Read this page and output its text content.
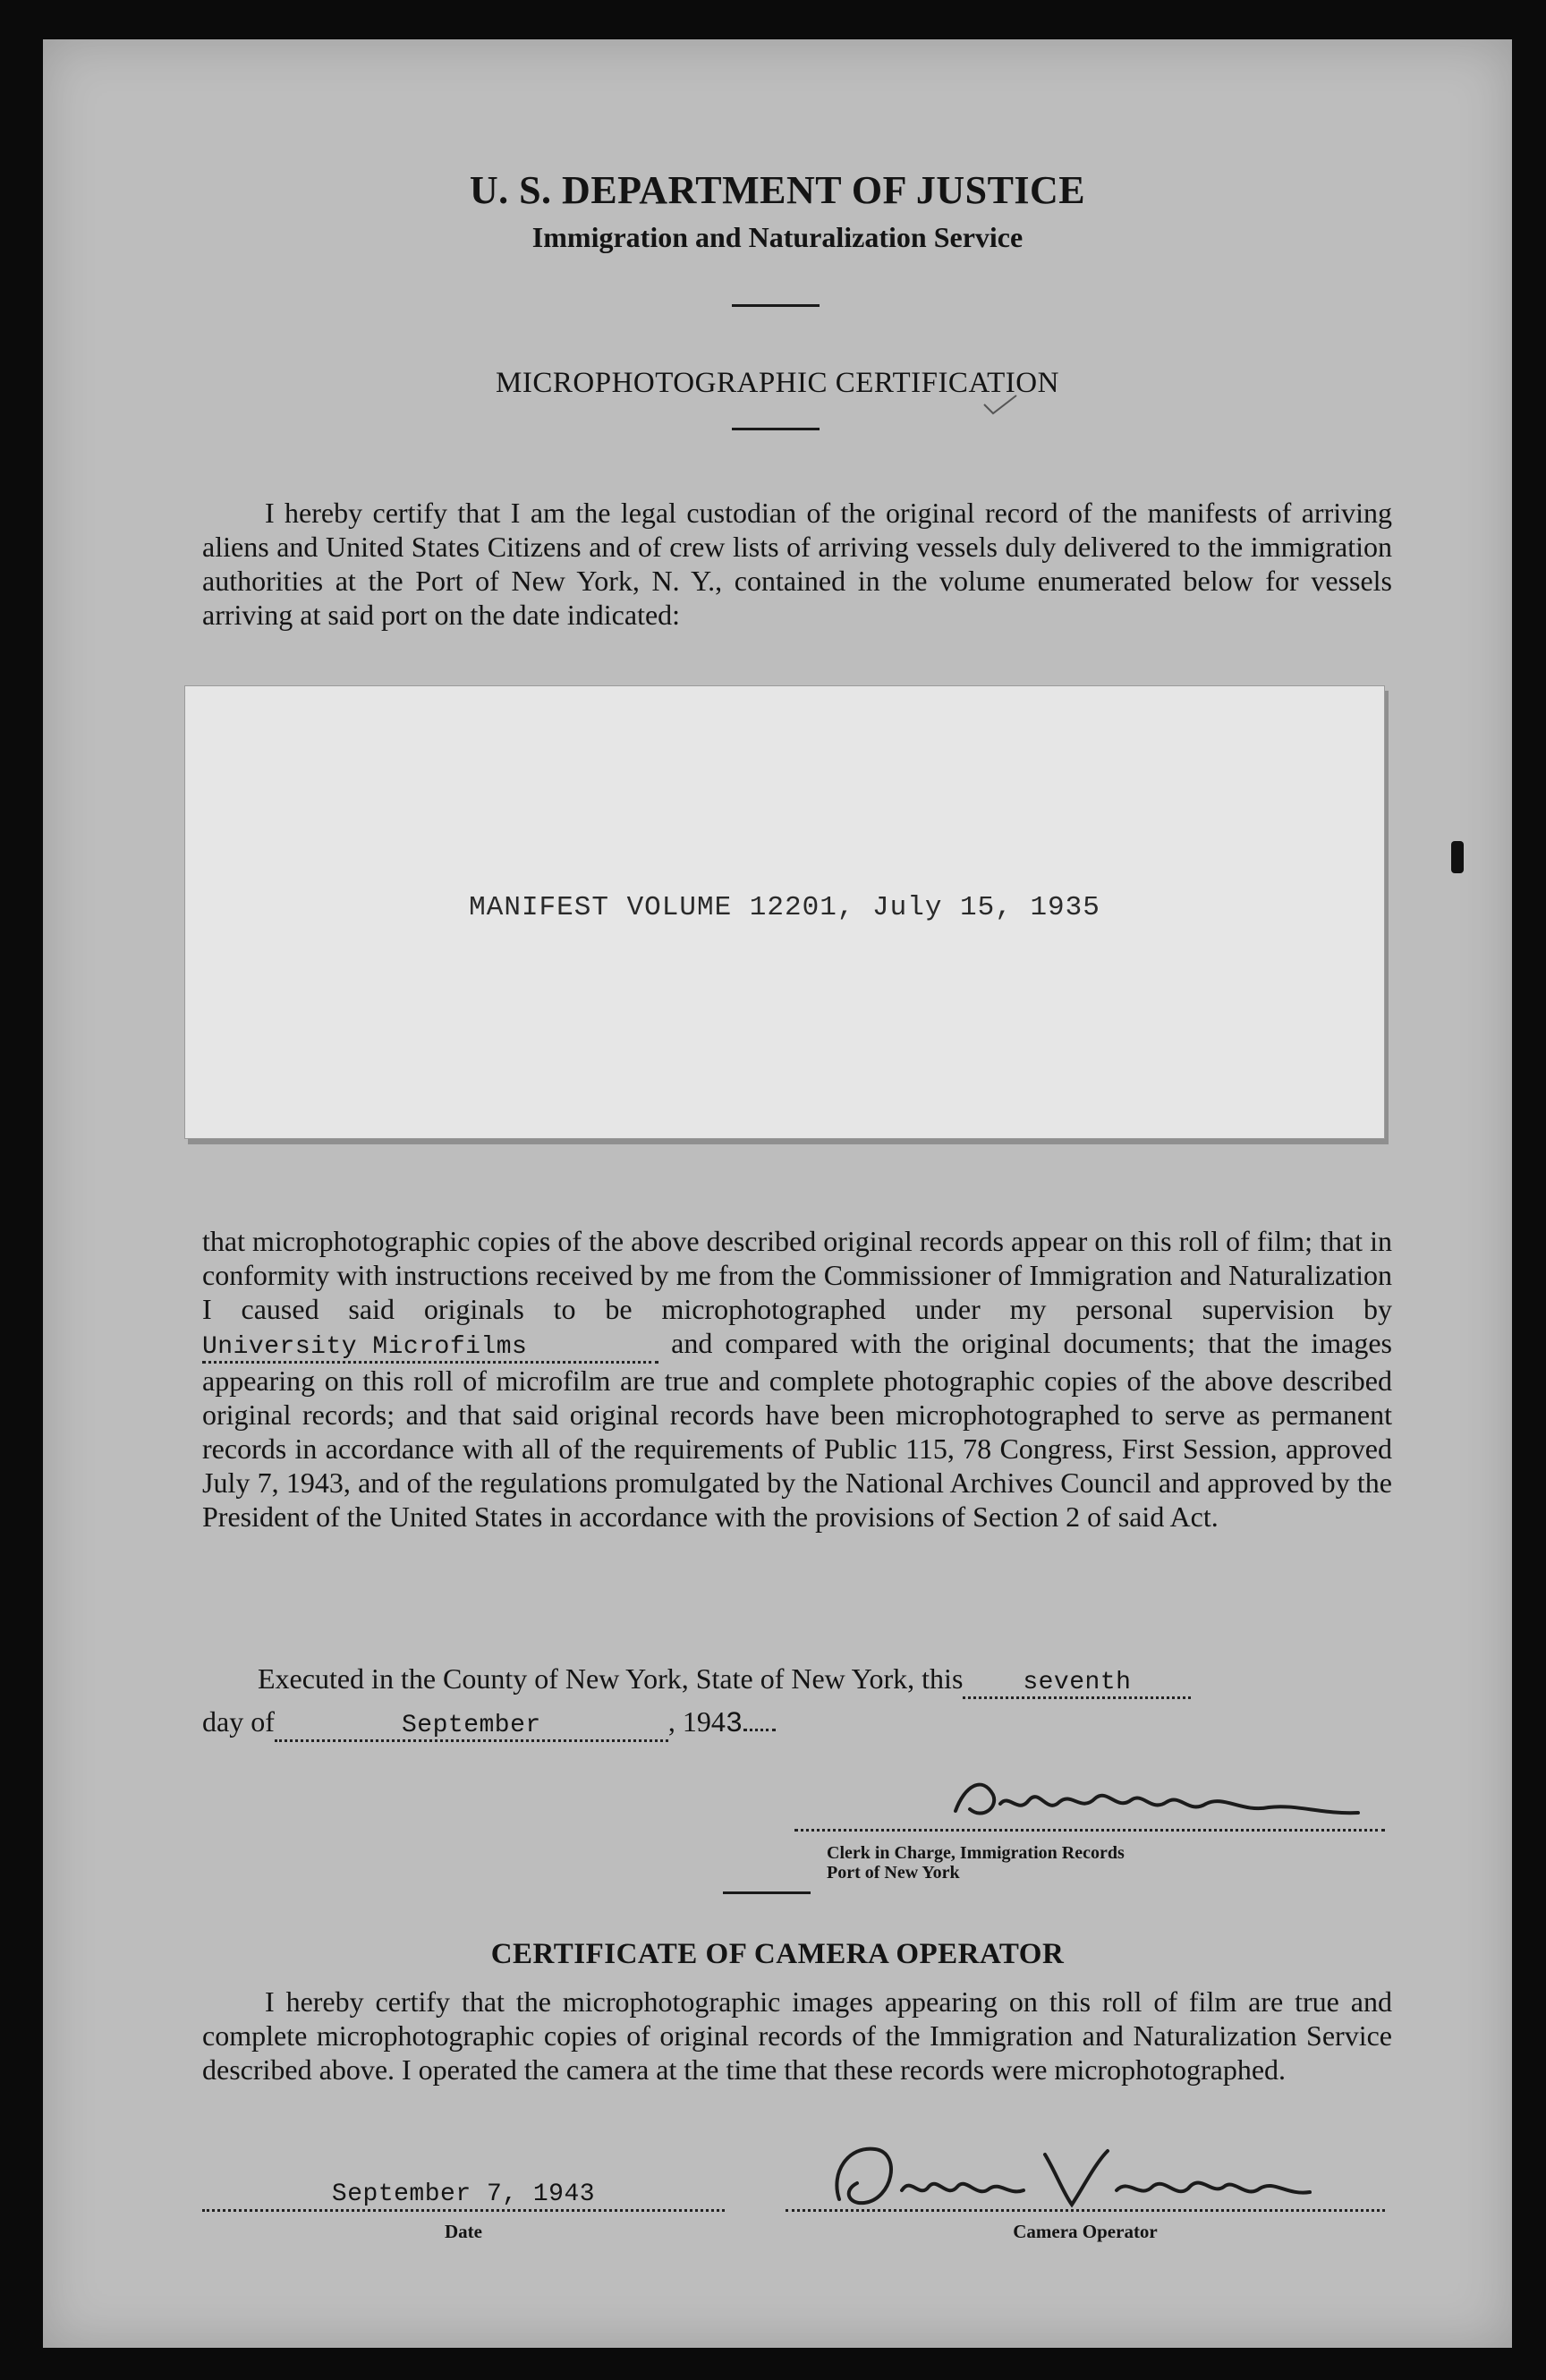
U. S. DEPARTMENT OF JUSTICE
Immigration and Naturalization Service
MICROPHOTOGRAPHIC CERTIFICATION
I hereby certify that I am the legal custodian of the original record of the manifests of arriving aliens and United States Citizens and of crew lists of arriving vessels duly delivered to the immigration authorities at the Port of New York, N. Y., contained in the volume enumerated below for vessels arriving at said port on the date indicated:
MANIFEST VOLUME 12201, July 15, 1935
that microphotographic copies of the above described original records appear on this roll of film; that in conformity with instructions received by me from the Commissioner of Immigration and Naturalization I caused said originals to be microphotographed under my personal supervision by University Microfilms	and compared with the original documents; that the images appearing on this roll of microfilm are true and complete photographic copies of the above described original records; and that said original records have been microphotographed to serve as permanent records in accordance with all of the requirements of Public 115, 78 Congress, First Session, approved July 7, 1943, and of the regulations promulgated by the National Archives Council and approved by the President of the United States in accordance with the provisions of Section 2 of said Act.
Executed in the County of New York, State of New York, this seventh
day of	September	, 1943
Clerk in Charge, Immigration Records
Port of New York
CERTIFICATE OF CAMERA OPERATOR
I hereby certify that the microphotographic images appearing on this roll of film are true and complete microphotographic copies of original records of the Immigration and Naturalization Service described above. I operated the camera at the time that these records were microphotographed.
September 7, 1943
Date	Camera Operator
